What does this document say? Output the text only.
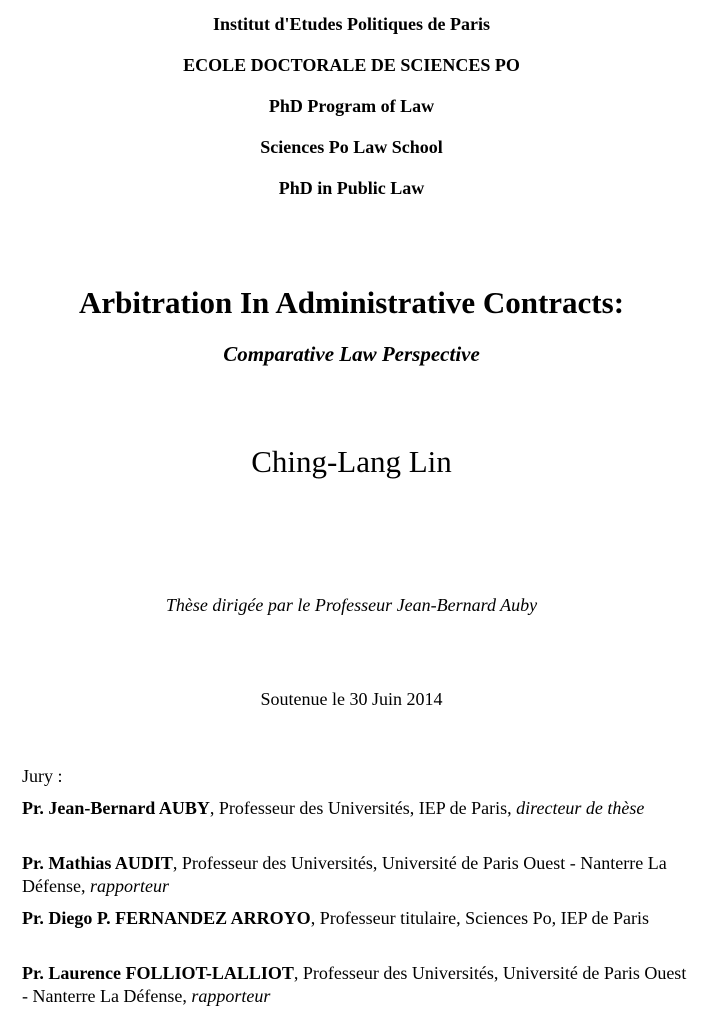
Institut d'Etudes Politiques de Paris
ECOLE DOCTORALE DE SCIENCES PO
PhD Program of Law
Sciences Po Law School
PhD in Public Law
Arbitration In Administrative Contracts:
Comparative Law Perspective
Ching-Lang Lin
Thèse dirigée par le Professeur Jean-Bernard Auby
Soutenue le 30 Juin 2014
Jury :
Pr. Jean-Bernard AUBY, Professeur des Universités, IEP de Paris, directeur de thèse
Pr. Mathias AUDIT, Professeur des Universités, Université de Paris Ouest - Nanterre La Défense, rapporteur
Pr. Diego P. FERNANDEZ ARROYO, Professeur titulaire, Sciences Po, IEP de Paris
Pr. Laurence FOLLIOT-LALLIOT, Professeur des Universités, Université de Paris Ouest - Nanterre La Défense, rapporteur
